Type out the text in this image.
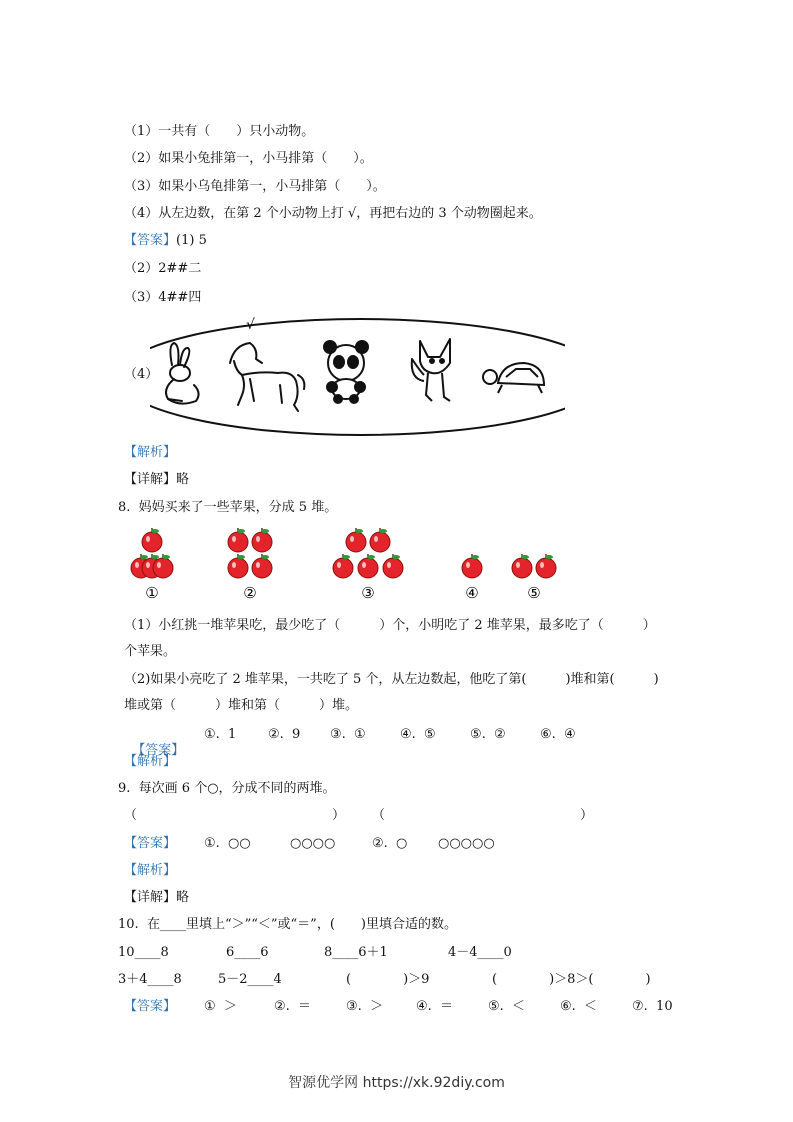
（1）一共有（　　）只小动物。
（2）如果小兔排第一，小马排第（　　）。
（3）如果小乌龟排第一，小马排第（　　）。
（4）从左边数，在第 2 个小动物上打 √，再把右边的 3 个动物圈起来。
【答案】(1) 5
（2）2##二
（3）4##四
（4）
√
【解析】
【详解】略
8.  妈妈买来了一些苹果，分成 5 堆。
①	②	③	④	⑤
（1）小红挑一堆苹果吃，最少吃了（　　　）个，小明吃了 2 堆苹果，最多吃了（　　　）
个苹果。
（2)如果小亮吃了 2 堆苹果，一共吃了 5 个，从左边数起，他吃了第(　　　)堆和第(　　　)
堆或第（　　　）堆和第（　　　）堆。

【答案】

①.  1 ②.  9 ③.  ①	④.  ⑤	⑤.  ②	⑥.  ④
【解析】
9.  每次画 6 个○，分成不同的两堆。
（	） （	）
【答案】 ①.  ○○	○○○○	②.  ○ ○○○○○
【解析】
【详解】略
10.  在____里填上“＞”“＜”或“＝”，(　　)里填合适的数。
10____8	6____6	8____6＋1	4－4____0
3＋4____8	5－2____4	(　　　　)＞9	(　　　　)＞8＞(　　　　)
【答案】 ①  ＞	②.  ＝	③.  ＞	④.  ＝	⑤.  ＜	⑥.  ＜	⑦.  10
智源优学网 https://xk.92diy.com
